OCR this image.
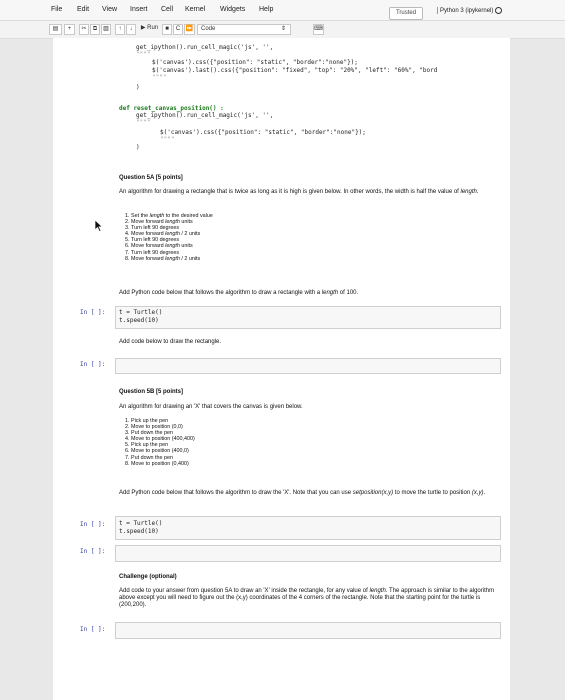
File Edit View Insert Cell Kernel Widgets Help	Trusted	Python 3 (ipykernel)
▤	+	✂	⧉	▧	↑	↓	▶ Run	■	C ⏩	Code	⇕	⌨
get_ipython().run_cell_magic('js', '',
""""
$('canvas').css({"position": "static", "border":"none"});
$('canvas').last().css({"position": "fixed", "top": "20%", "left": "60%", "bord
""""
)
def reset_canvas_position() :
get_ipython().run_cell_magic('js', '',
""""
$('canvas').css({"position": "static", "border":"none"});
""""
)
Question 5A [5 points]
An algorithm for drawing a rectangle that is twice as long as it is high is given below. In other words, the width is half the value of length.
1. Set the length to the desired value
2. Move forward length units
3. Turn left 90 degrees
4. Move forward length / 2 units
5. Turn left 90 degrees
6. Move forward length units
7. Turn left 90 degrees
8. Move forward length / 2 units
Add Python code below that follows the algorithm to draw a rectangle with a length of 100.
In [ ]: t = Turtle()
t.speed(10)
Add code below to draw the rectangle.
In [ ]:
Question 5B [5 points]
An algorithm for drawing an 'X' that covers the canvas is given below.
1. Pick up the pen
2. Move to position (0,0)
3. Put down the pen
4. Move to position (400,400)
5. Pick up the pen
6. Move to position (400,0)
7. Put down the pen
8. Move to position (0,400)
Add Python code below that follows the algorithm to draw the 'X'. Note that you can use setposition(x,y) to move the turtle to position (x,y).
In [ ]: t = Turtle()
t.speed(10)
In [ ]:
Challenge (optional)
Add code to your answer from question 5A to draw an 'X' inside the rectangle, for any value of length. The approach is similar to the algorithm above except you will need to figure out the (x,y) coordinates of the 4 corners of the rectangle. Note that the starting point for the turtle is (200,200).
In [ ]:
